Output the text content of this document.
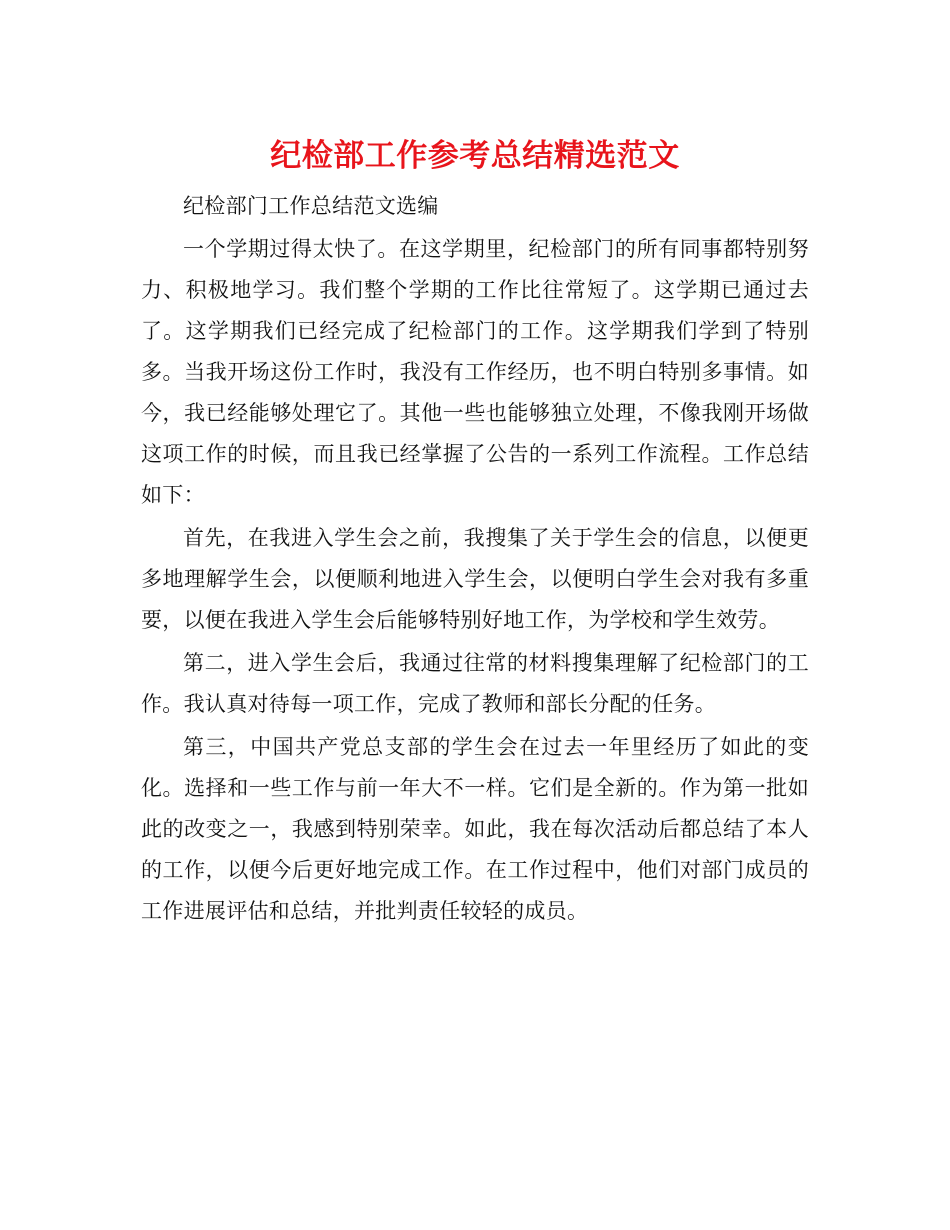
纪检部工作参考总结精选范文

纪检部门工作总结范文选编

一个学期过得太快了。在这学期里，纪检部门的所有同事都特别努力、积极地学习。我们整个学期的工作比往常短了。这学期已通过去了。这学期我们已经完成了纪检部门的工作。这学期我们学到了特别多。当我开场这份工作时，我没有工作经历，也不明白特别多事情。如今，我已经能够处理它了。其他一些也能够独立处理，不像我刚开场做这项工作的时候，而且我已经掌握了公告的一系列工作流程。工作总结如下：

首先，在我进入学生会之前，我搜集了关于学生会的信息，以便更多地理解学生会，以便顺利地进入学生会，以便明白学生会对我有多重要，以便在我进入学生会后能够特别好地工作，为学校和学生效劳。

第二，进入学生会后，我通过往常的材料搜集理解了纪检部门的工作。我认真对待每一项工作，完成了教师和部长分配的任务。

第三，中国共产党总支部的学生会在过去一年里经历了如此的变化。选择和一些工作与前一年大不一样。它们是全新的。作为第一批如此的改变之一，我感到特别荣幸。如此，我在每次活动后都总结了本人的工作，以便今后更好地完成工作。在工作过程中，他们对部门成员的工作进展评估和总结，并批判责任较轻的成员。
